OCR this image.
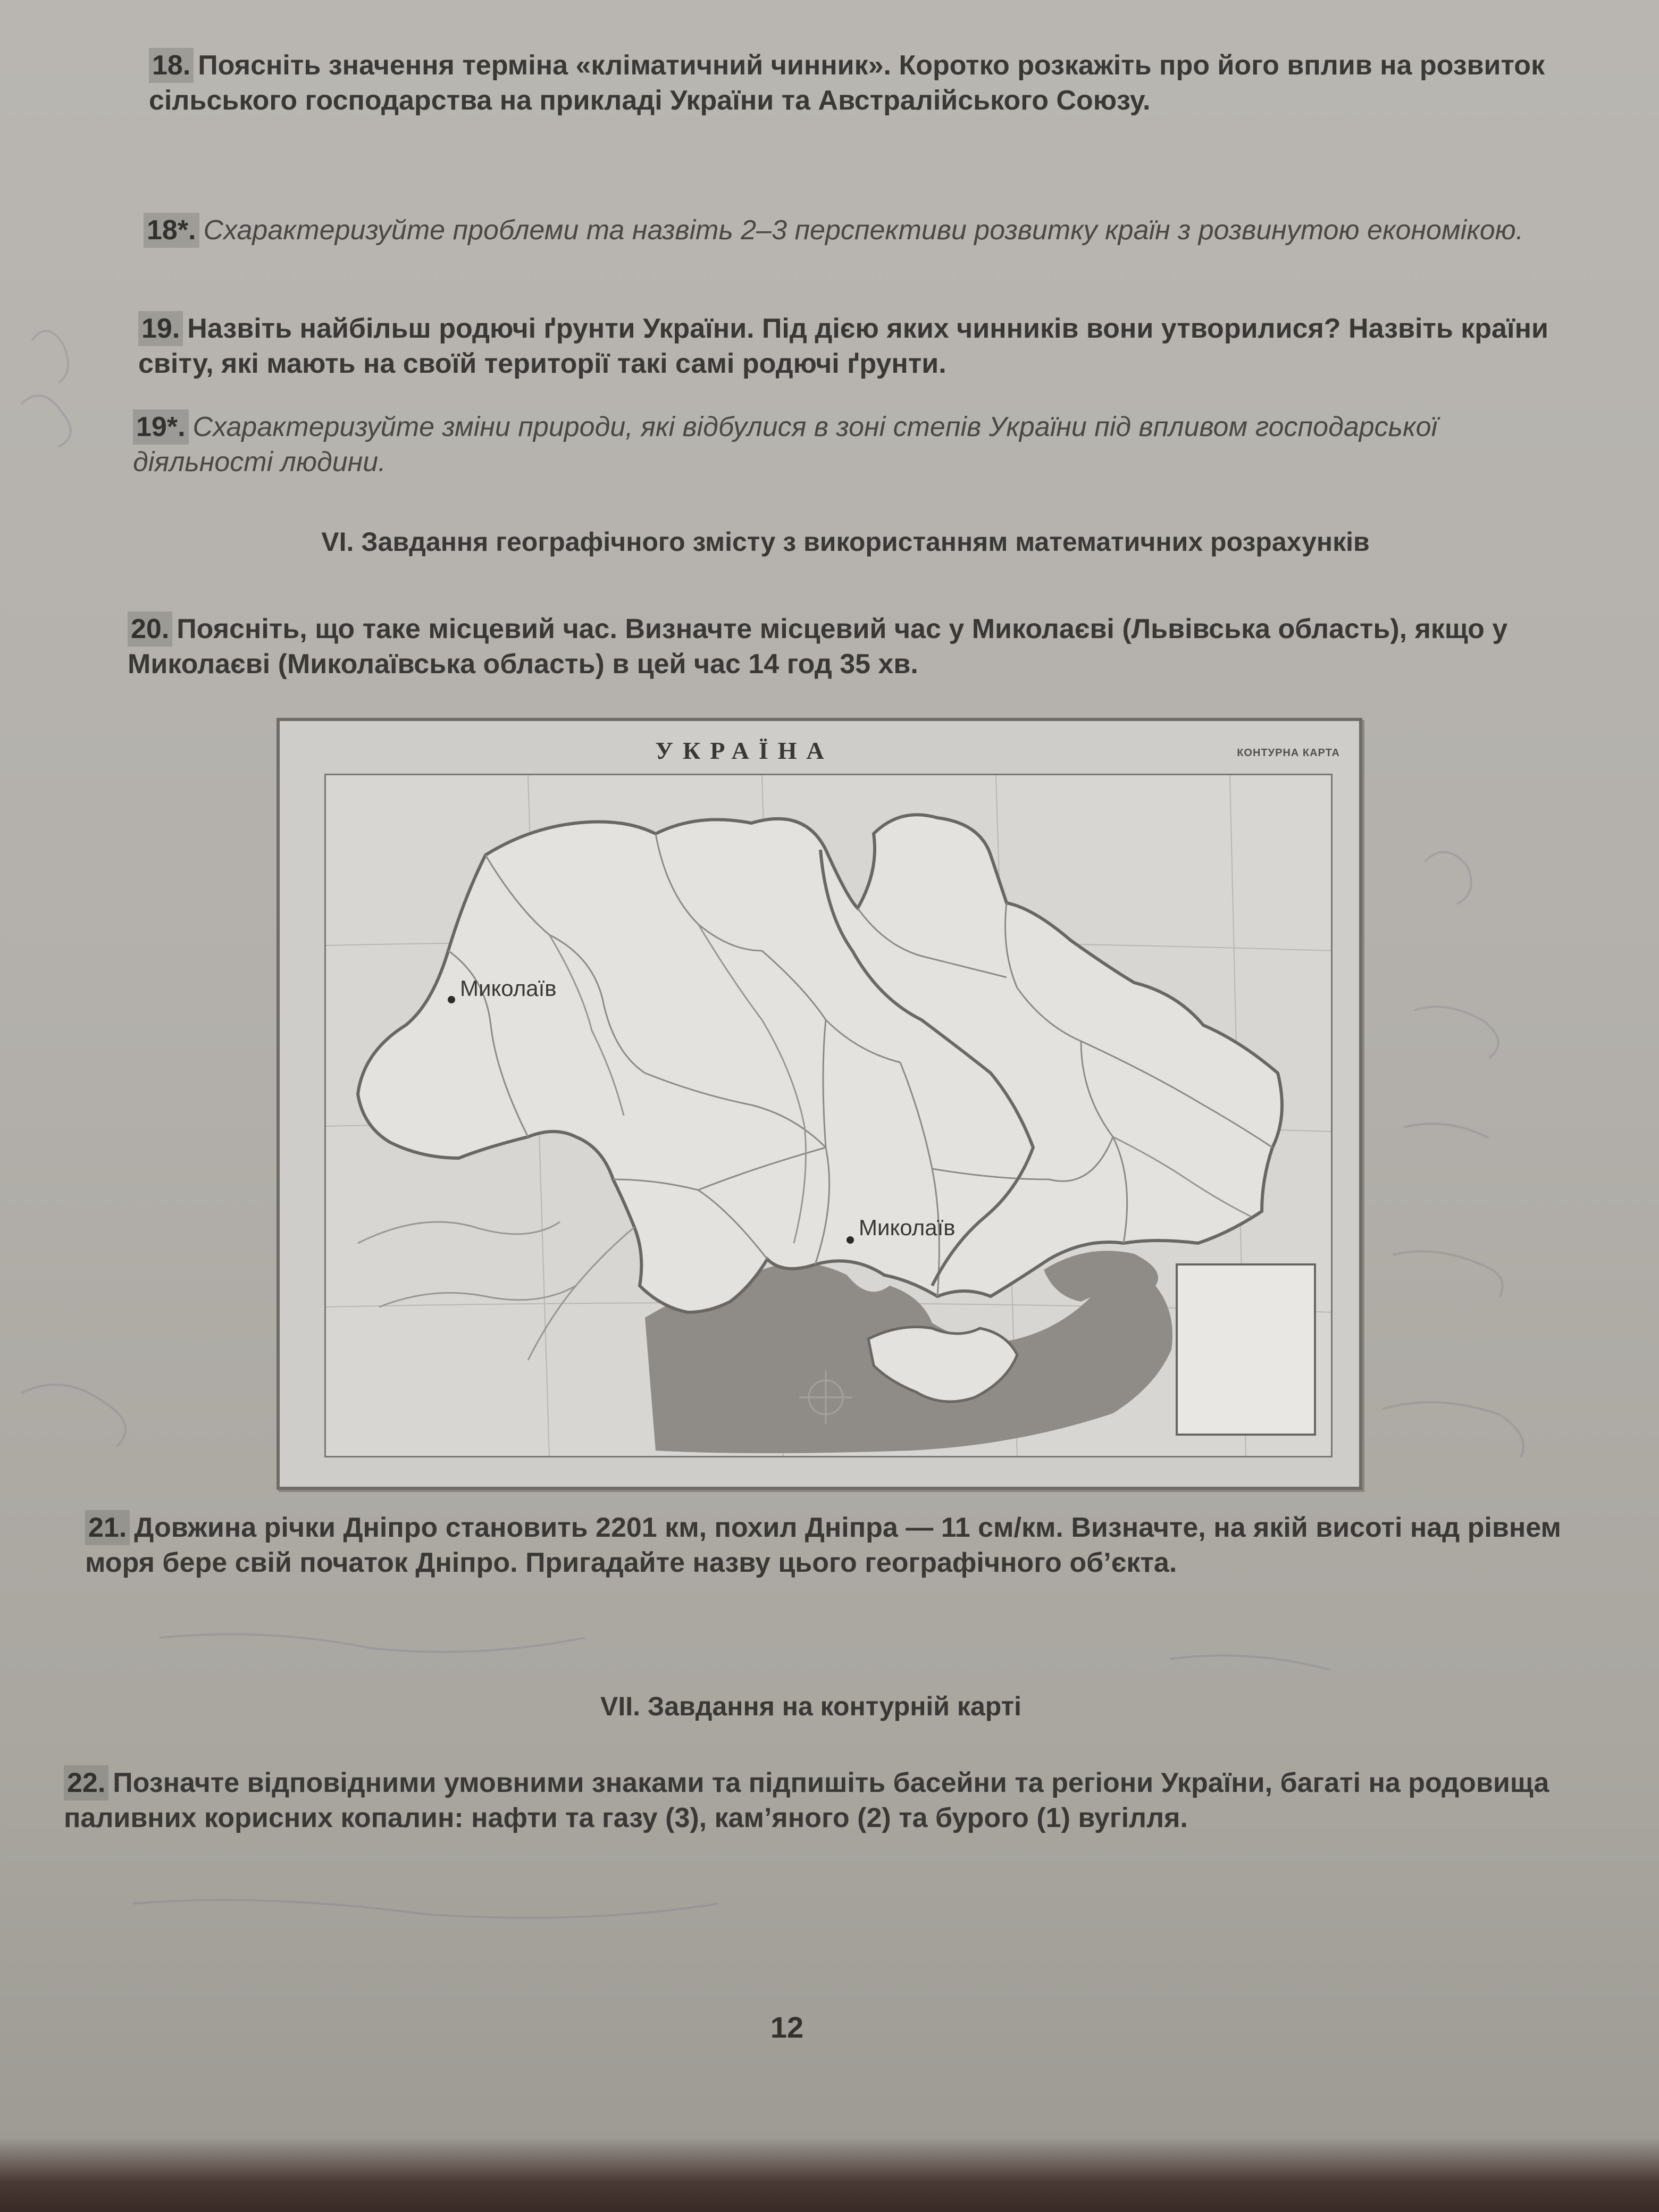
18. Поясніть значення терміна «кліматичний чинник». Коротко розкажіть про його вплив на розвиток сільського господарства на прикладі України та Австралійського Союзу.
18*. Схарактеризуйте проблеми та назвіть 2–3 перспективи розвитку країн з розвинутою економікою.
19. Назвіть найбільш родючі ґрунти України. Під дією яких чинників вони утворилися? Назвіть країни світу, які мають на своїй території такі самі родючі ґрунти.
19*. Схарактеризуйте зміни природи, які відбулися в зоні степів України під впливом господарської діяльності людини.
VI. Завдання географічного змісту з використанням математичних розрахунків
20. Поясніть, що таке місцевий час. Визначте місцевий час у Миколаєві (Львівська область), якщо у Миколаєві (Миколаївська область) в цей час 14 год 35 хв.
УКРАЇНА	КОНТУРНА КАРТА
Миколаїв
Миколаїв
21. Довжина річки Дніпро становить 2201 км, похил Дніпра — 11 см/км. Визначте, на якій висоті над рівнем моря бере свій початок Дніпро. Пригадайте назву цього географічного об’єкта.
VII. Завдання на контурній карті
22. Позначте відповідними умовними знаками та підпишіть басейни та регіони України, багаті на родовища паливних корисних копалин: нафти та газу (3), кам’яного (2) та бурого (1) вугілля.
12
